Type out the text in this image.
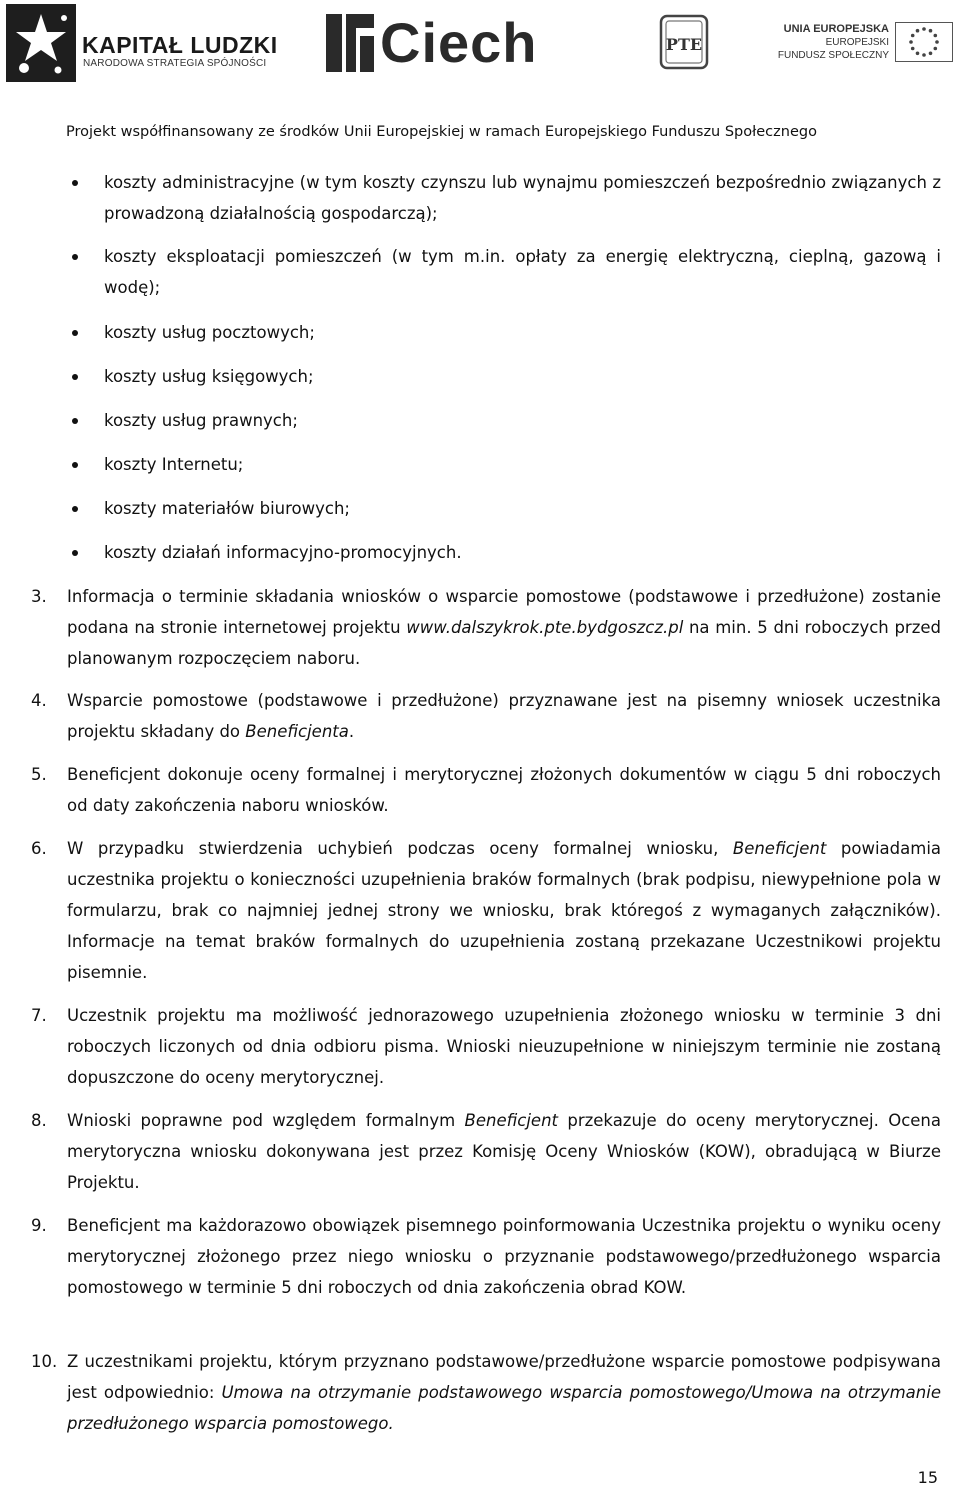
KAPITAŁ LUDZKI
NARODOWA STRATEGIA SPÓJNOŚCI Ciech	PTE
UNIA EUROPEJSKA
EUROPEJSKI
FUNDUSZ SPOŁECZNY
Projekt współfinansowany ze środków Unii Europejskiej w ramach Europejskiego Funduszu Społecznego
koszty administracyjne (w tym koszty czynszu lub wynajmu pomieszczeń bezpośrednio związanych z prowadzoną działalnością gospodarczą);
koszty eksploatacji pomieszczeń (w tym m.in. opłaty za energię elektryczną, cieplną, gazową i wodę);
koszty usług pocztowych;
koszty usług księgowych;
koszty usług prawnych;
koszty Internetu;
koszty materiałów biurowych;
koszty działań informacyjno-promocyjnych.
3. Informacja o terminie składania wniosków o wsparcie pomostowe (podstawowe i przedłużone) zostanie podana na stronie internetowej projektu www.dalszykrok.pte.bydgoszcz.pl na min. 5 dni roboczych przed planowanym rozpoczęciem naboru.
4. Wsparcie pomostowe (podstawowe i przedłużone) przyznawane jest na pisemny wniosek uczestnika projektu składany do Beneficjenta.
5. Beneficjent dokonuje oceny formalnej i merytorycznej złożonych dokumentów w ciągu 5 dni roboczych od daty zakończenia naboru wniosków.
6. W przypadku stwierdzenia uchybień podczas oceny formalnej wniosku, Beneficjent powiadamia uczestnika projektu o konieczności uzupełnienia braków formalnych (brak podpisu, niewypełnione pola w formularzu, brak co najmniej jednej strony we wniosku, brak któregoś z wymaganych załączników). Informacje na temat braków formalnych do uzupełnienia zostaną przekazane Uczestnikowi projektu pisemnie.
7. Uczestnik projektu ma możliwość jednorazowego uzupełnienia złożonego wniosku w terminie 3 dni roboczych liczonych od dnia odbioru pisma. Wnioski nieuzupełnione w niniejszym terminie nie zostaną dopuszczone do oceny merytorycznej.
8. Wnioski poprawne pod względem formalnym Beneficjent przekazuje do oceny merytorycznej. Ocena merytoryczna wniosku dokonywana jest przez Komisję Oceny Wniosków (KOW), obradującą w Biurze Projektu.
9. Beneficjent ma każdorazowo obowiązek pisemnego poinformowania Uczestnika projektu o wyniku oceny merytorycznej złożonego przez niego wniosku o przyznanie podstawowego/przedłużonego wsparcia pomostowego w terminie 5 dni roboczych od dnia zakończenia obrad KOW.
10. Z uczestnikami projektu, którym przyznano podstawowe/przedłużone wsparcie pomostowe podpisywana jest odpowiednio: Umowa na otrzymanie podstawowego wsparcia pomostowego/Umowa na otrzymanie przedłużonego wsparcia pomostowego.
15
